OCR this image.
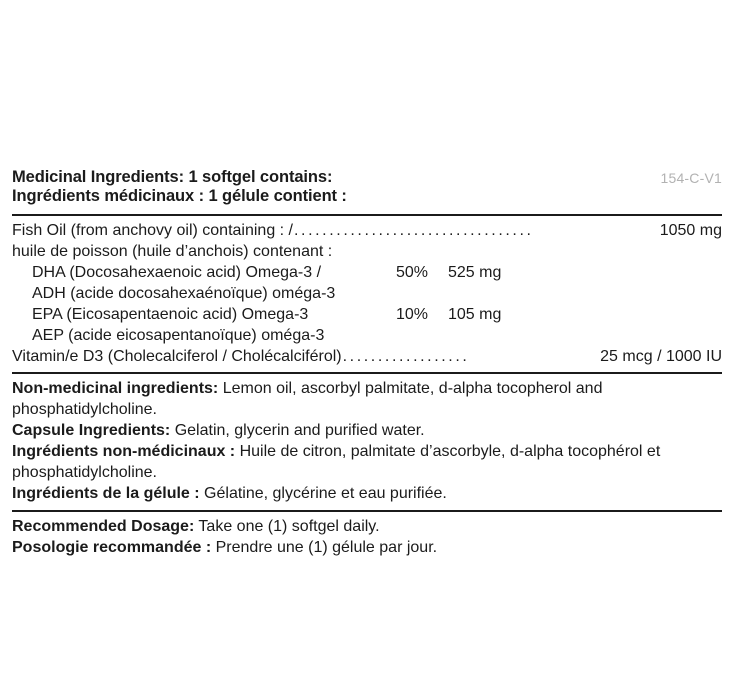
Medicinal Ingredients: 1 softgel contains:
Ingrédients médicinaux : 1 gélule contient :
154-C-V1
Fish Oil (from anchovy oil) containing : / ..................................	1050 mg
huile de poisson (huile d’anchois) contenant :
DHA (Docosahexaenoic acid) Omega-3 /	50% 525 mg
ADH (acide docosahexaénoïque) oméga-3
EPA (Eicosapentaenoic acid) Omega-3	10% 105 mg
AEP (acide eicosapentanoïque) oméga-3
Vitamin/e D3 (Cholecalciferol / Cholécalciférol) ..................	25 mcg / 1000 IU

Non-medicinal ingredients: Lemon oil, ascorbyl palmitate, d-alpha tocopherol and phosphatidylcholine.

Capsule Ingredients: Gelatin, glycerin and purified water.

Ingrédients non-médicinaux : Huile de citron, palmitate d’ascorbyle, d-alpha tocophérol et phosphatidylcholine.

Ingrédients de la gélule : Gélatine, glycérine et eau purifiée.

Recommended Dosage: Take one (1) softgel daily.

Posologie recommandée : Prendre une (1) gélule par jour.
